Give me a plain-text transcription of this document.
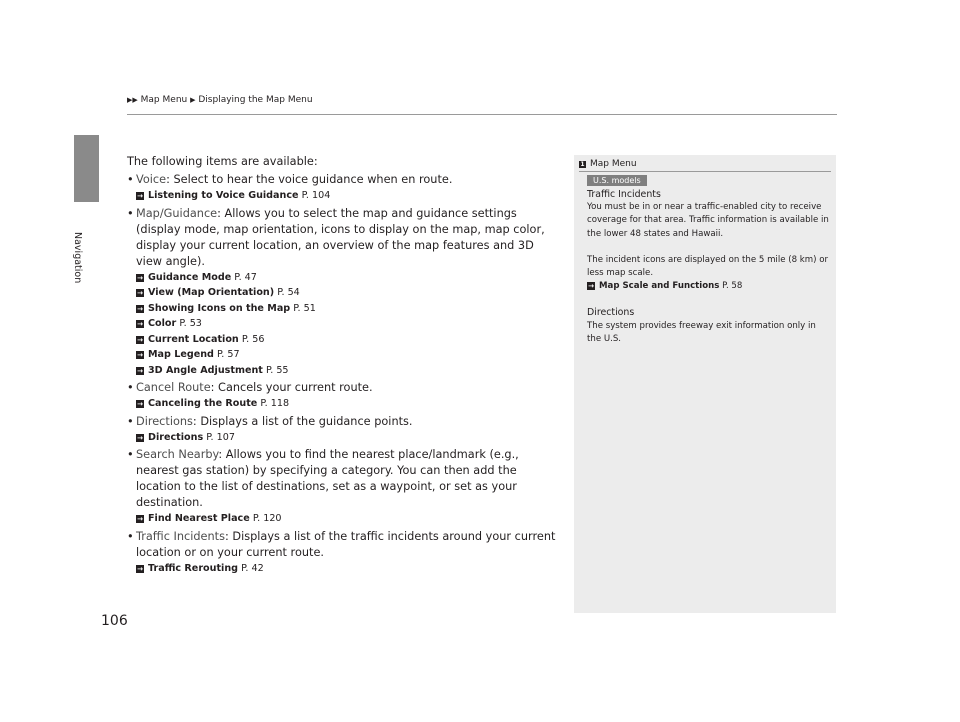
Navigation
▶▶ Map Menu ▶ Displaying the Map Menu

The following items are available:

• Voice: Select to hear the voice guidance when en route.

→ Listening to Voice Guidance P. 104

• Map/Guidance: Allows you to select the map and guidance settings (display mode, map orientation, icons to display on the map, map color, display your current location, an overview of the map features and 3D view angle).

→ Guidance Mode P. 47

→ View (Map Orientation) P. 54

→ Showing Icons on the Map P. 51

→ Color P. 53

→ Current Location P. 56

→ Map Legend P. 57

→ 3D Angle Adjustment P. 55

• Cancel Route: Cancels your current route.

→ Canceling the Route P. 118

• Directions: Displays a list of the guidance points.

→ Directions P. 107

• Search Nearby: Allows you to find the nearest place/landmark (e.g., nearest gas station) by specifying a category. You can then add the location to the list of destinations, set as a waypoint, or set as your destination.

→ Find Nearest Place P. 120

• Traffic Incidents: Displays a list of the traffic incidents around your current location or on your current route.

→ Traffic Rerouting P. 42

1 Map Menu
U.S. models

Traffic Incidents

You must be in or near a traffic-enabled city to receive coverage for that area. Traffic information is available in the lower 48 states and Hawaii.

The incident icons are displayed on the 5 mile (8 km) or less map scale.

→ Map Scale and Functions P. 58

Directions

The system provides freeway exit information only in the U.S.

106
